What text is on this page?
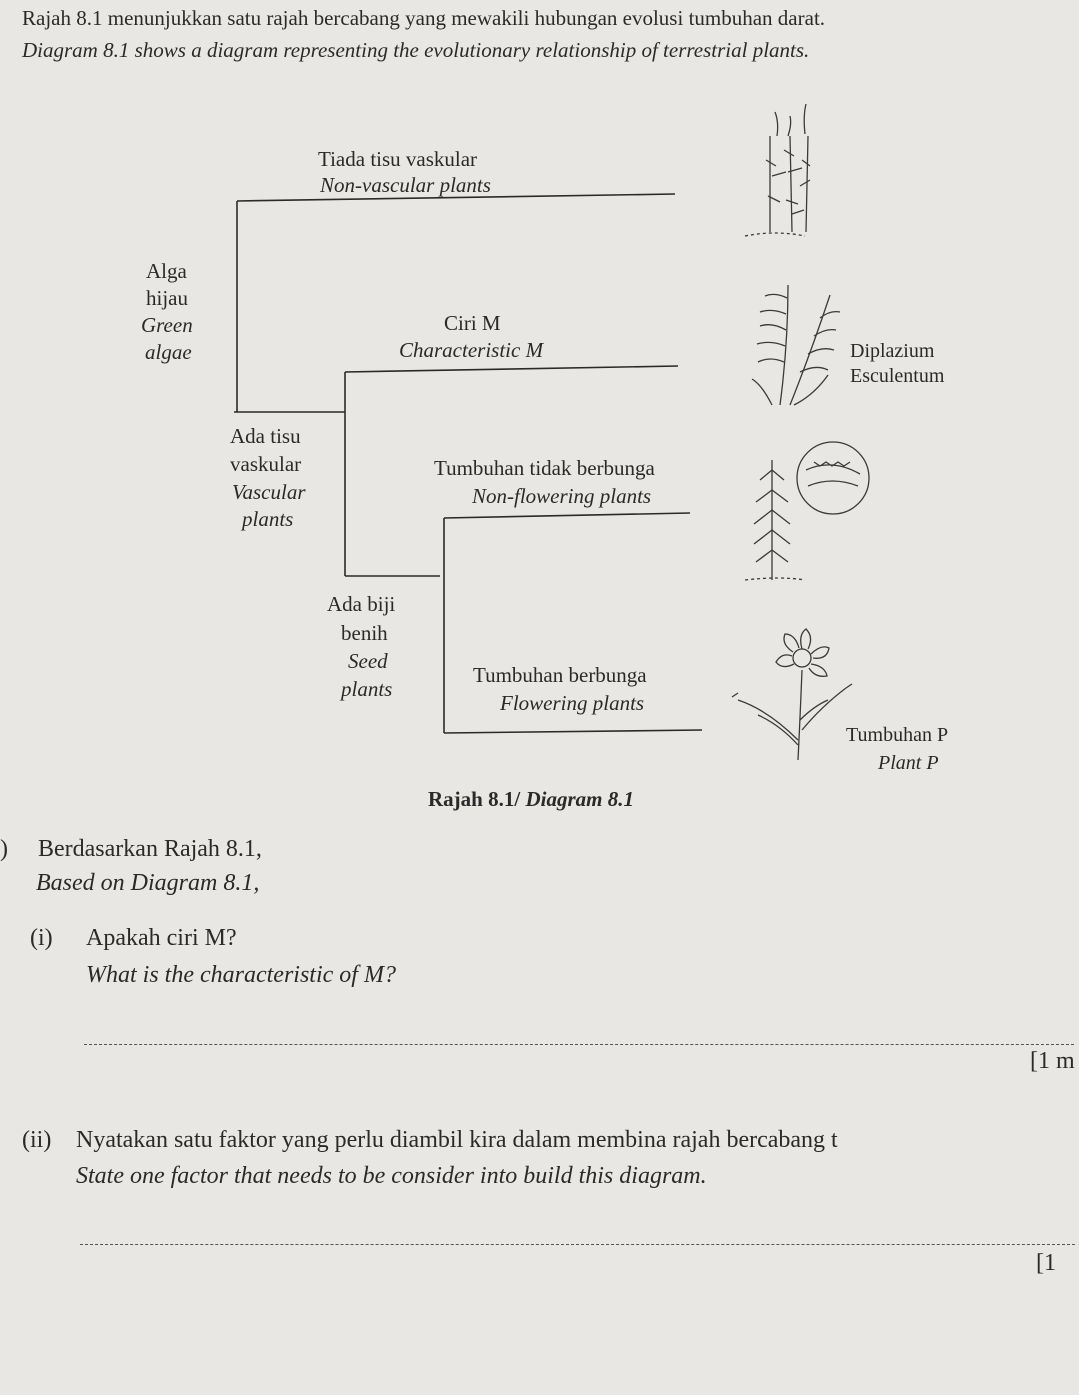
Rajah 8.1 menunjukkan satu rajah bercabang yang mewakili hubungan evolusi tumbuhan darat.
Diagram 8.1 shows a diagram representing the evolutionary relationship of terrestrial plants.
Tiada tisu vaskular
Non-vascular plants
Alga
hijau
Green
algae
Ciri M
Characteristic M	Diplazium
Esculentum
Ada tisu
vaskular
Vascular
plants
Tumbuhan tidak berbunga
Non-flowering plants
Ada biji
benih
Seed
plants
Tumbuhan berbunga
Flowering plants
Tumbuhan P
Plant P
Rajah 8.1/ Diagram 8.1
) Berdasarkan Rajah 8.1,
Based on Diagram 8.1,
(i) Apakah ciri M?
What is the characteristic of M?
[1 m
(ii) Nyatakan satu faktor yang perlu diambil kira dalam membina rajah bercabang t
State one factor that needs to be consider into build this diagram.
[1
